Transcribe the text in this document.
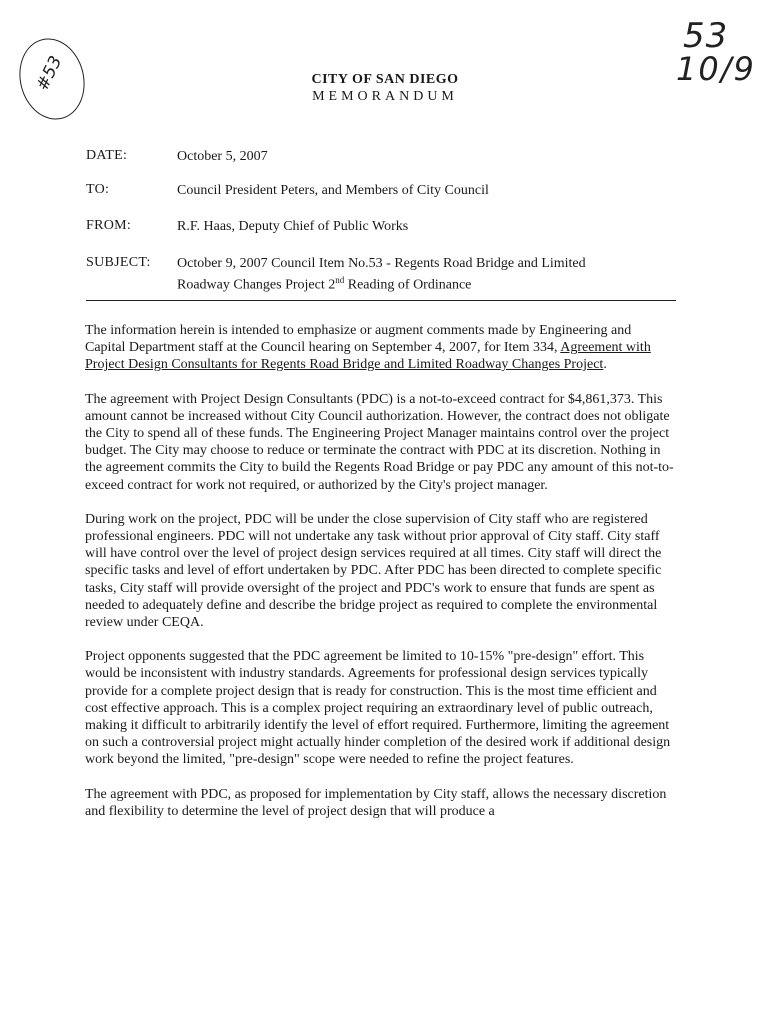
#53
53
10/9
CITY OF SAN DIEGO
MEMORANDUM
DATE:	October 5, 2007
TO:	Council President Peters, and Members of City Council
FROM:	R.F. Haas, Deputy Chief of Public Works
SUBJECT: October 9, 2007 Council Item No.53 - Regents Road Bridge and Limited
Roadway Changes Project 2nd Reading of Ordinance

The information herein is intended to emphasize or augment comments made by Engineering and Capital Department staff at the Council hearing on September 4, 2007, for Item 334, Agreement with Project Design Consultants for Regents Road Bridge and Limited Roadway Changes Project.

The agreement with Project Design Consultants (PDC) is a not-to-exceed contract for $4,861,373. This amount cannot be increased without City Council authorization. However, the contract does not obligate the City to spend all of these funds. The Engineering Project Manager maintains control over the project budget. The City may choose to reduce or terminate the contract with PDC at its discretion. Nothing in the agreement commits the City to build the Regents Road Bridge or pay PDC any amount of this not-to-exceed contract for work not required, or authorized by the City's project manager.

During work on the project, PDC will be under the close supervision of City staff who are registered professional engineers. PDC will not undertake any task without prior approval of City staff. City staff will have control over the level of project design services required at all times. City staff will direct the specific tasks and level of effort undertaken by PDC. After PDC has been directed to complete specific tasks, City staff will provide oversight of the project and PDC's work to ensure that funds are spent as needed to adequately define and describe the bridge project as required to complete the environmental review under CEQA.

Project opponents suggested that the PDC agreement be limited to 10-15% "pre-design" effort. This would be inconsistent with industry standards. Agreements for professional design services typically provide for a complete project design that is ready for construction. This is the most time efficient and cost effective approach. This is a complex project requiring an extraordinary level of public outreach, making it difficult to arbitrarily identify the level of effort required. Furthermore, limiting the agreement on such a controversial project might actually hinder completion of the desired work if additional design work beyond the limited, "pre-design" scope were needed to refine the project features.

The agreement with PDC, as proposed for implementation by City staff, allows the necessary discretion and flexibility to determine the level of project design that will produce a
